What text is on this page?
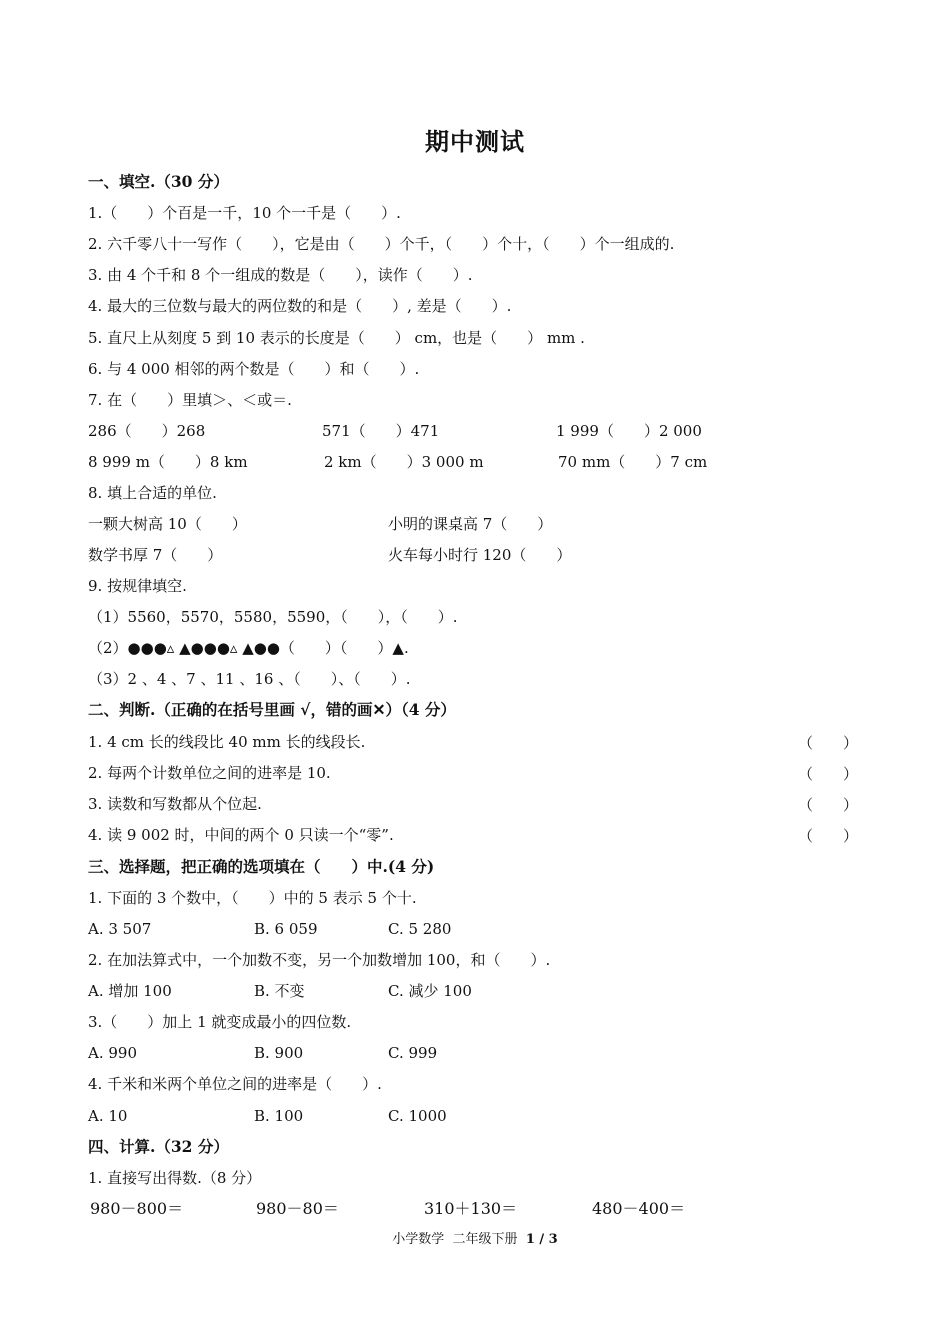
期中测试
一、填空.（30 分）
1.（　　）个百是一千，10 个一千是（　　）.
2. 六千零八十一写作（　　），它是由（　　）个千，（　　）个十，（　　）个一组成的.
3. 由 4 个千和 8 个一组成的数是（　　），读作（　　）.
4. 最大的三位数与最大的两位数的和是（　　）, 差是（　　）.
5. 直尺上从刻度 5 到 10 表示的长度是（　　） cm，也是（　　） mm .
6. 与 4 000 相邻的两个数是（　　）和（　　）.
7. 在（　　）里填＞、＜或＝.
286（　　）268	571（　　）471	1 999（　　）2 000
8 999 m（　　）8 km	2 km（　　）3 000 m	70 mm（　　）7 cm
8. 填上合适的单位.
一颗大树高 10（　　）	小明的课桌高 7（　　）
数学书厚 7（　　）	火车每小时行 120（　　）
9. 按规律填空.
（1）5560，5570，5580，5590，（　　），（　　）.
（2）●●●▵ ▲●●●▵ ▲●●（　　）（　　）▲.
（3）2 、4 、7 、11 、16 、（　　）、（　　）.
二、判断.（正确的在括号里画 √，错的画✕）（4 分）
1. 4 cm 长的线段比 40 mm 长的线段长.	（　　）
2. 每两个计数单位之间的进率是 10.	（　　）
3. 读数和写数都从个位起.	（　　）
4. 读 9 002 时，中间的两个 0 只读一个“零”.	（　　）
三、选择题，把正确的选项填在（　　）中.(4 分)
1. 下面的 3 个数中，（　　）中的 5 表示 5 个十.
A. 3 507	B. 6 059	C. 5 280
2. 在加法算式中，一个加数不变，另一个加数增加 100，和（　　）.
A. 增加 100	B. 不变	C. 减少 100
3.（　　）加上 1 就变成最小的四位数.
A. 990	B. 900	C. 999
4. 千米和米两个单位之间的进率是（　　）.
A. 10	B. 100	C. 1000
四、计算.（32 分）
1. 直接写出得数.（8 分）
980－800＝	980－80＝	310＋130＝	480－400＝
小学数学  二年级下册  1 / 3
